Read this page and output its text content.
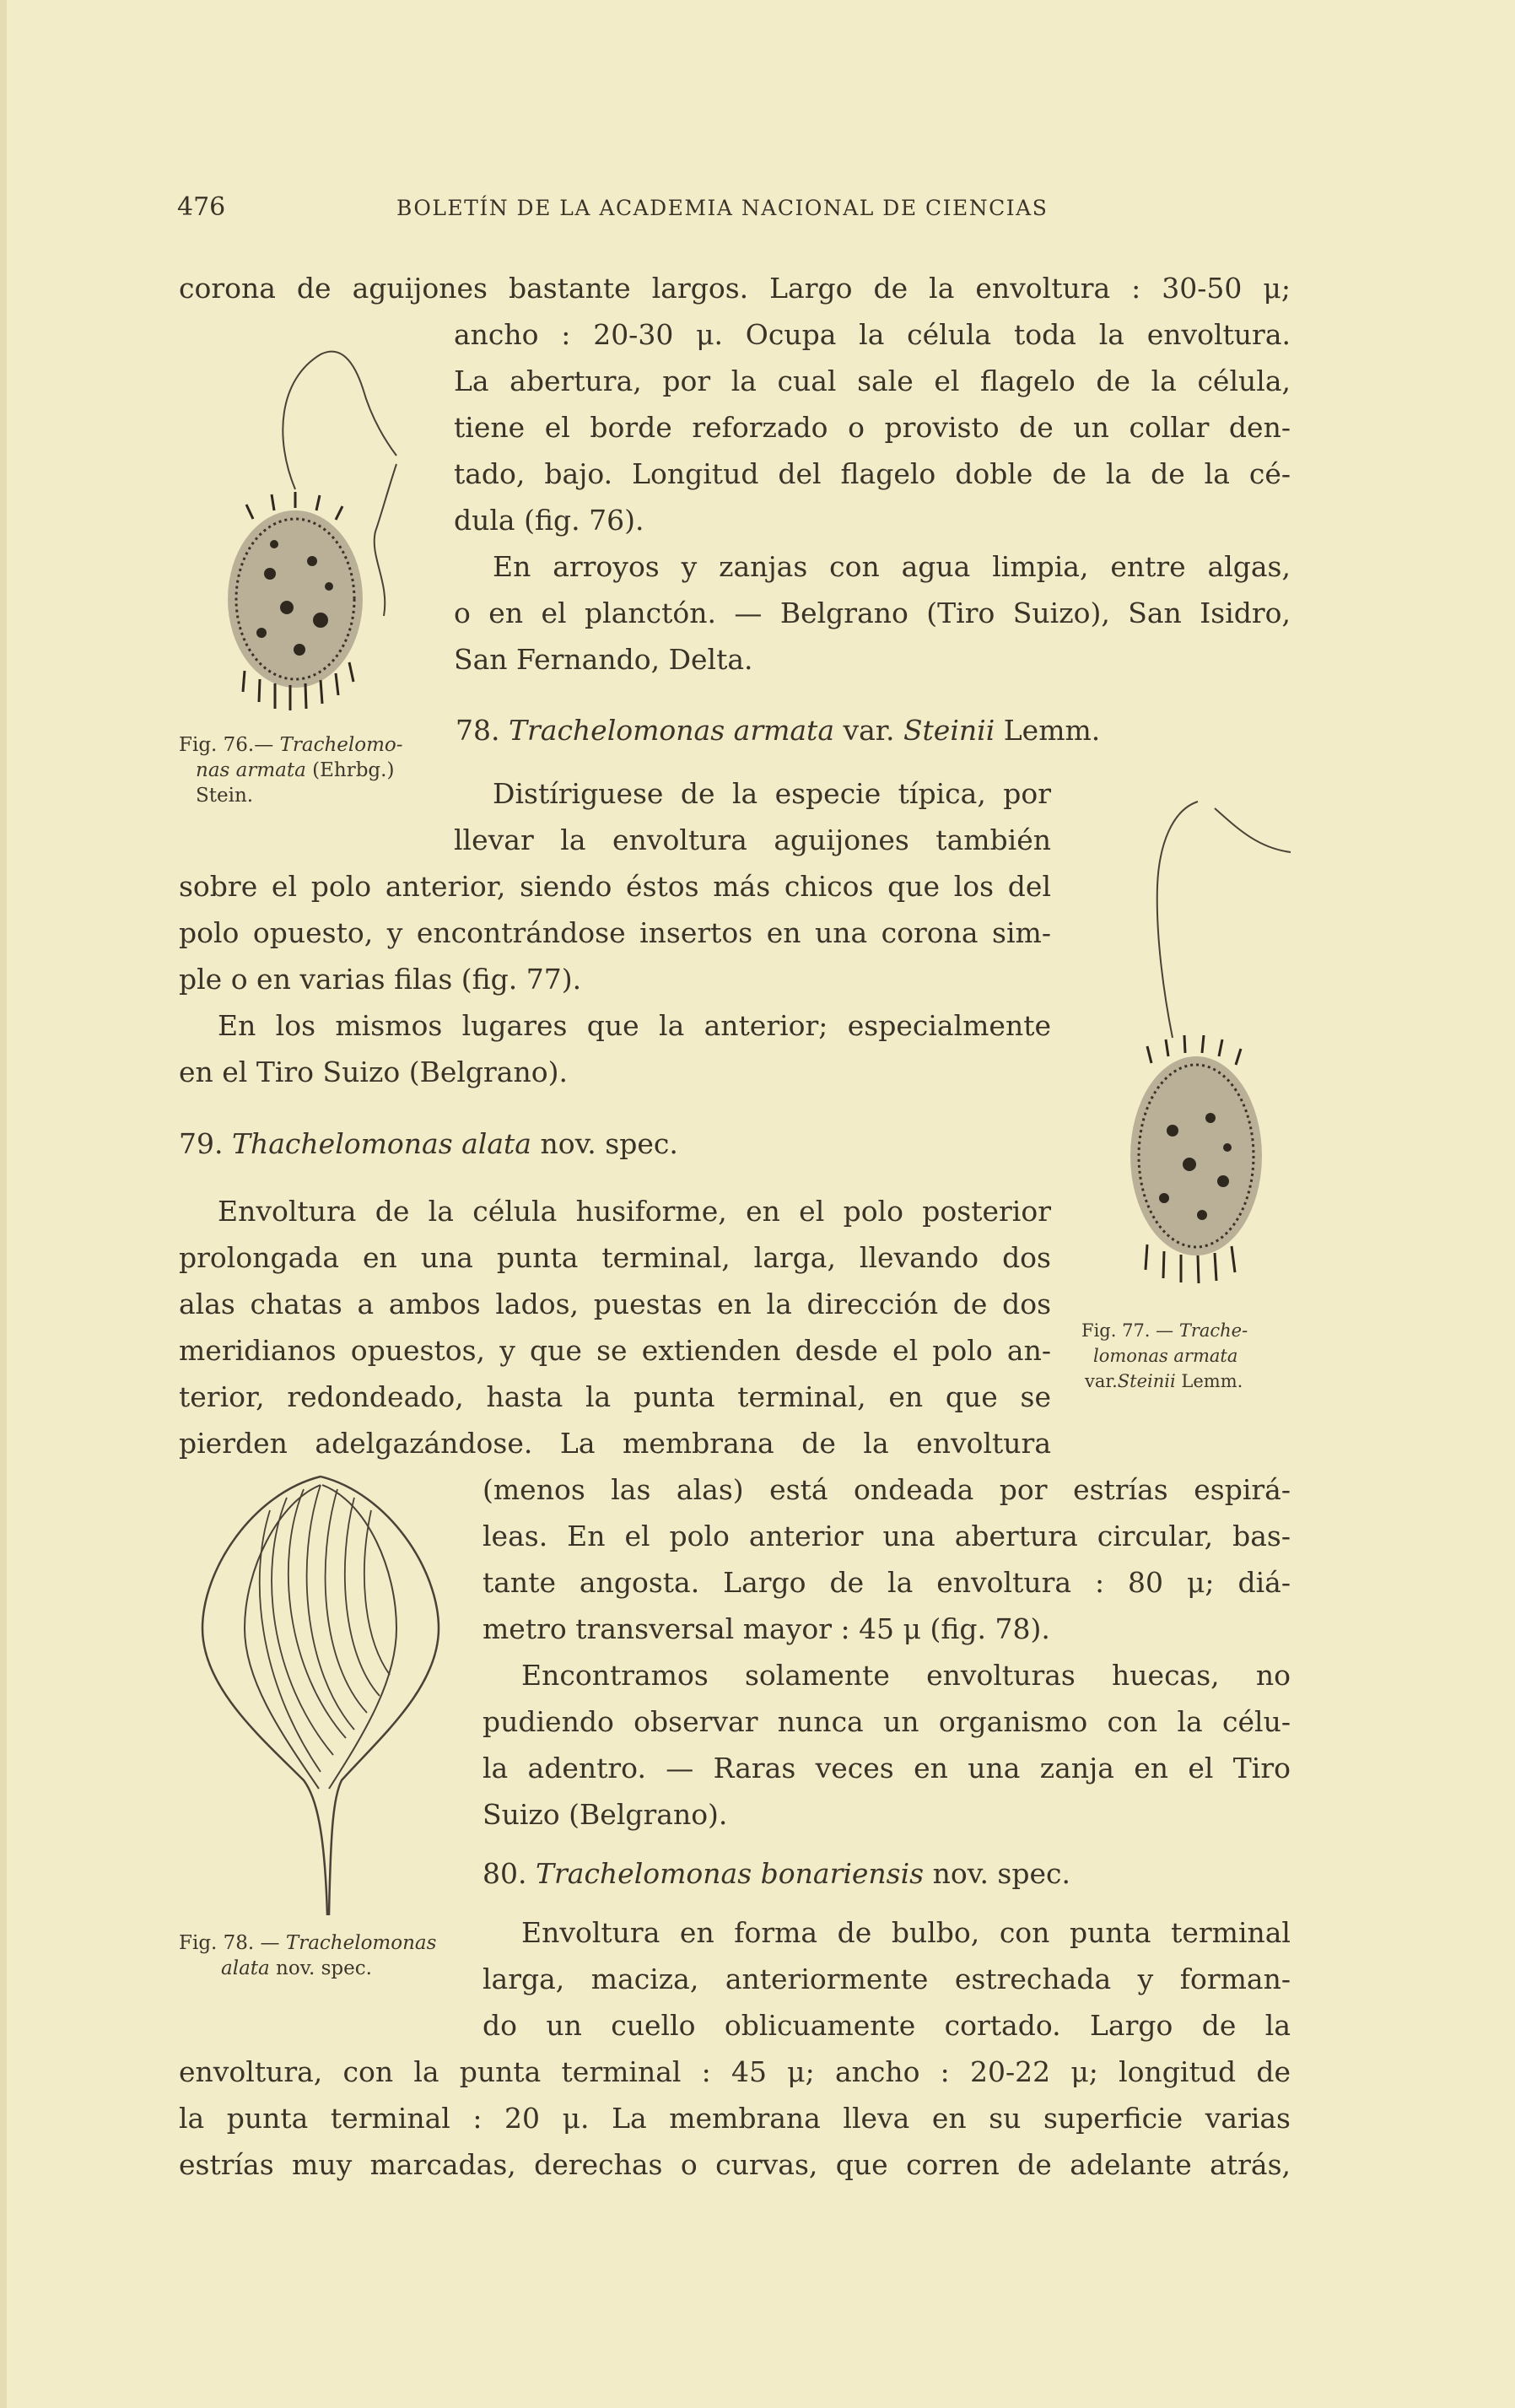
476	BOLETÍN DE LA ACADEMIA NACIONAL DE CIENCIAS
corona de aguijones bastante largos. Largo de la envoltura : 30-50 μ;
ancho : 20-30 μ. Ocupa la célula toda la envoltura.
La abertura, por la cual sale el flagelo de la célula,
tiene el borde reforzado o provisto de un collar den-
tado, bajo. Longitud del flagelo doble de la de la cé-
dula (fig. 76).
En arroyos y zanjas con agua limpia, entre algas,
o en el planctón. — Belgrano (Tiro Suizo), San Isidro,
San Fernando, Delta.
Fig. 76.— Trachelomo-
nas armata (Ehrbg.)
Stein.
78. Trachelomonas armata var. Steinii Lemm.
Distíriguese de la especie típica, por
llevar la envoltura aguijones también
sobre el polo anterior, siendo éstos más chicos que los del
polo opuesto, y encontrándose insertos en una corona sim-
ple o en varias filas (fig. 77).
En los mismos lugares que la anterior; especialmente
en el Tiro Suizo (Belgrano).
Fig. 77. — Trache-
lomonas armata
var.Steinii Lemm.
79. Thachelomonas alata nov. spec.
Envoltura de la célula husiforme, en el polo posterior
prolongada en una punta terminal, larga, llevando dos
alas chatas a ambos lados, puestas en la dirección de dos
meridianos opuestos, y que se extienden desde el polo an-
terior, redondeado, hasta la punta terminal, en que se
pierden adelgazándose. La membrana de la envoltura
(menos las alas) está ondeada por estrías espirá-
leas. En el polo anterior una abertura circular, bas-
tante angosta. Largo de la envoltura : 80 μ; diá-
metro transversal mayor : 45 μ (fig. 78).
Encontramos solamente envolturas huecas, no
pudiendo observar nunca un organismo con la célu-
la adentro. — Raras veces en una zanja en el Tiro
Suizo (Belgrano).
Fig. 78. — Trachelomonas
alata nov. spec.
80. Trachelomonas bonariensis nov. spec.
Envoltura en forma de bulbo, con punta terminal
larga, maciza, anteriormente estrechada y forman-
do un cuello oblicuamente cortado. Largo de la
envoltura, con la punta terminal : 45 μ; ancho : 20-22 μ; longitud de
la punta terminal : 20 μ. La membrana lleva en su superficie varias
estrías muy marcadas, derechas o curvas, que corren de adelante atrás,
